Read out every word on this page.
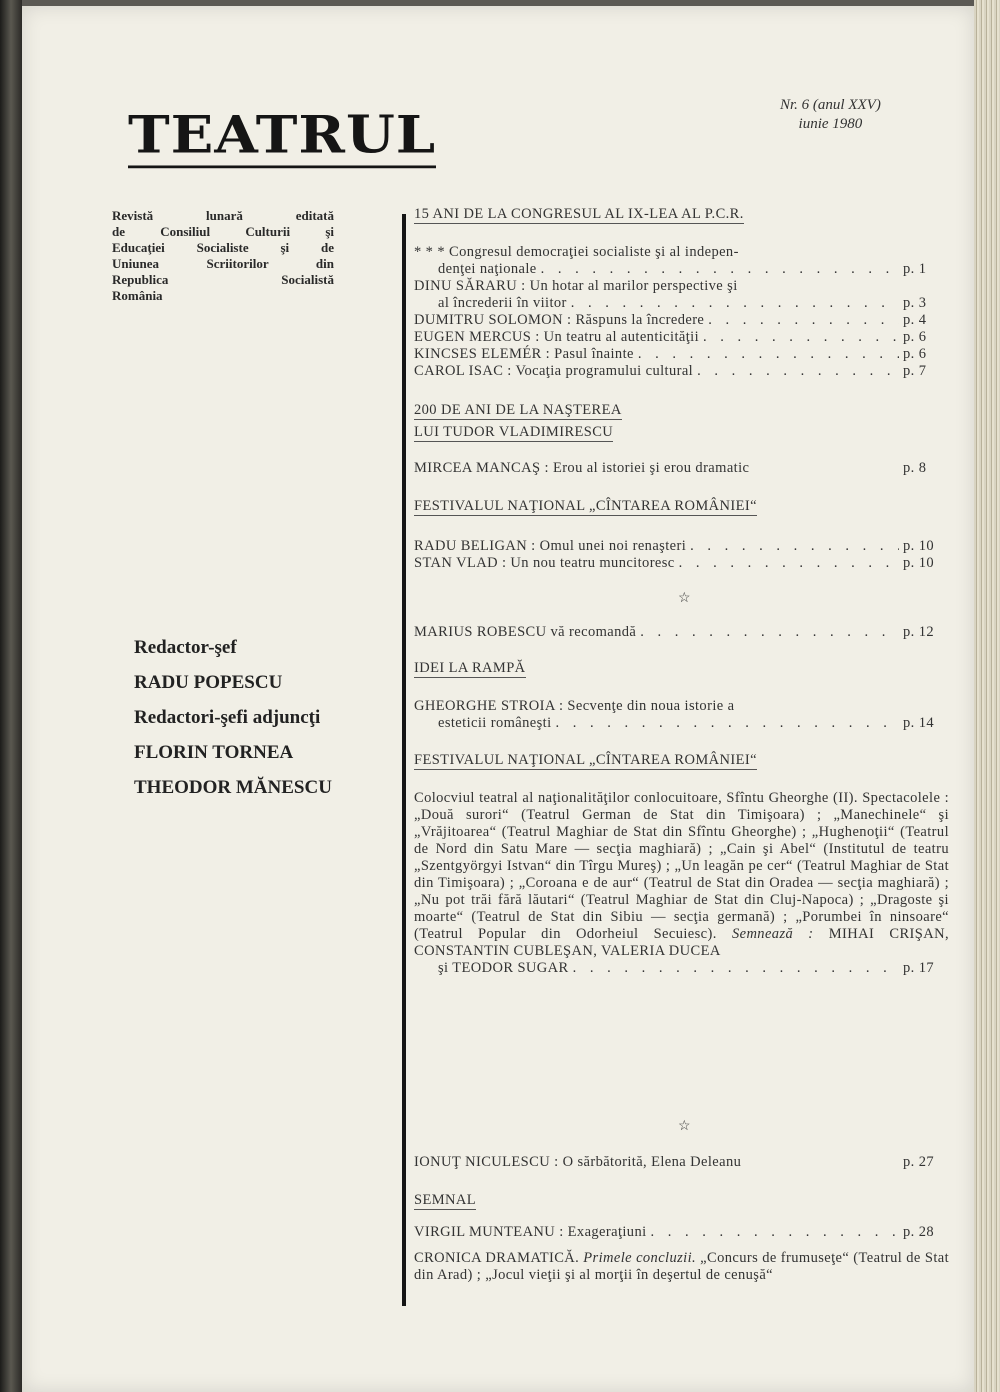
TEATRUL	Nr. 6 (anul XXV)
iunie 1980
Revistă lunară editată
de Consiliul Culturii şi
Educaţiei Socialiste şi de
Uniunea Scriitorilor din
Republica Socialistă
România
Redactor-şef
RADU POPESCU
Redactori-şefi adjuncţi
FLORIN TORNEA
THEODOR MĂNESCU
15 ANI DE LA CONGRESUL AL IX-LEA AL P.C.R.
* * * Congresul democraţiei socialiste şi al indepen-
denţei naţionale . . .	p. 1
DINU SĂRARU : Un hotar al marilor perspective şi
al încrederii în viitor . . .	p. 3
DUMITRU SOLOMON : Răspuns la încredere . . .	p. 4
EUGEN MERCUS : Un teatru al autenticităţii . . .	p. 6
KINCSES ELEMÉR : Pasul înainte . . .	p. 6
CAROL ISAC : Vocaţia programului cultural . . .	p. 7
200 DE ANI DE LA NAŞTEREA
LUI TUDOR VLADIMIRESCU
MIRCEA MANCAŞ : Erou al istoriei şi erou dramatic	p. 8
FESTIVALUL NAŢIONAL „CÎNTAREA ROMÂNIEI“
RADU BELIGAN : Omul unei noi renaşteri . . .	p. 10
STAN VLAD : Un nou teatru muncitoresc . . .	p. 10
☆
MARIUS ROBESCU vă recomandă . . .	p. 12
IDEI LA RAMPĂ
GHEORGHE STROIA : Secvenţe din noua istorie a
esteticii româneşti . . .	p. 14
FESTIVALUL NAŢIONAL „CÎNTAREA ROMÂNIEI“
Colocviul teatral al naţionalităţilor conlocuitoare, Sfîntu Gheorghe (II). Spectacolele : „Două surori“ (Teatrul German de Stat din Timişoara) ; „Manechinele“ şi „Vrăjitoarea“ (Teatrul Maghiar de Stat din Sfîntu Gheorghe) ; „Hughenoţii“ (Teatrul de Nord din Satu Mare — secţia maghiară) ; „Cain şi Abel“ (Institutul de teatru „Szentgyörgyi Istvan“ din Tîrgu Mureş) ; „Un leagăn pe cer“ (Teatrul Maghiar de Stat din Timişoara) ; „Coroana e de aur“ (Teatrul de Stat din Oradea — secţia maghiară) ; „Nu pot trăi fără lăutari“ (Teatrul Maghiar de Stat din Cluj-Napoca) ; „Dragoste şi moarte“ (Teatrul de Stat din Sibiu — secţia germană) ; „Porumbei în ninsoare“ (Teatrul Popular din Odorheiul Secuiesc). Semnează : MIHAI CRIŞAN, CONSTANTIN CUBLEŞAN, VALERIA DUCEA
şi TEODOR SUGAR . . .	p. 17
☆
IONUŢ NICULESCU : O sărbătorită, Elena Deleanu	p. 27
SEMNAL
VIRGIL MUNTEANU : Exageraţiuni . . .	p. 28
CRONICA DRAMATICĂ. Primele concluzii. „Concurs de frumuseţe“ (Teatrul de Stat din Arad) ; „Jocul vieţii şi al morţii în deşertul de cenuşă“
